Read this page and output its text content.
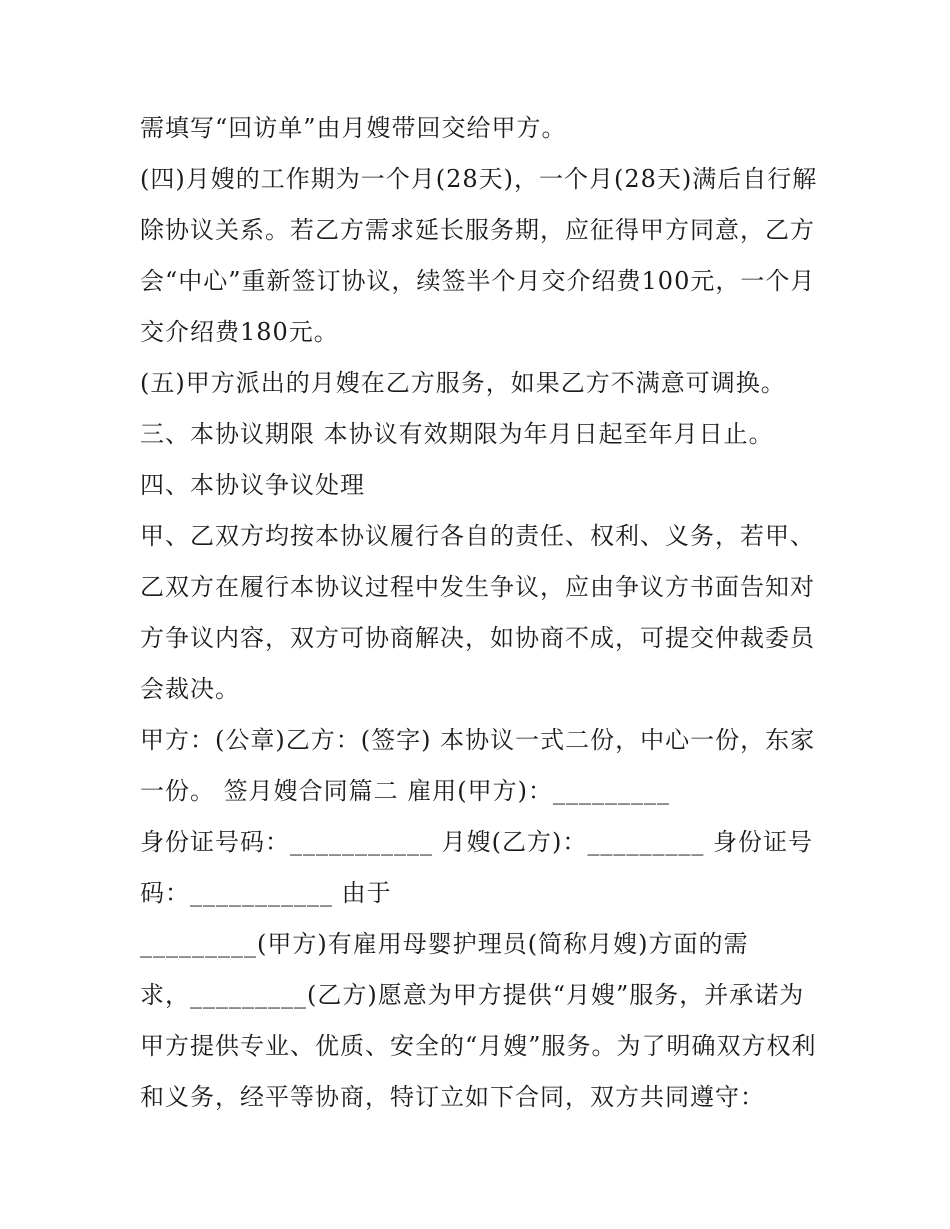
需填写“回访单”由月嫂带回交给甲方。
(四)月嫂的工作期为一个月(28天)，一个月(28天)满后自行解
除协议关系。若乙方需求延长服务期，应征得甲方同意，乙方
会“中心”重新签订协议，续签半个月交介绍费100元，一个月
交介绍费180元。
(五)甲方派出的月嫂在乙方服务，如果乙方不满意可调换。
三、本协议期限 本协议有效期限为年月日起至年月日止。
四、本协议争议处理
甲、乙双方均按本协议履行各自的责任、权利、义务，若甲、
乙双方在履行本协议过程中发生争议，应由争议方书面告知对
方争议内容，双方可协商解决，如协商不成，可提交仲裁委员
会裁决。
甲方：(公章)乙方：(签字) 本协议一式二份，中心一份，东家
一份。 签月嫂合同篇二 雇用(甲方)：_________
身份证号码：___________ 月嫂(乙方)：_________ 身份证号
码：___________ 由于
_________(甲方)有雇用母婴护理员(简称月嫂)方面的需
求，_________(乙方)愿意为甲方提供“月嫂”服务，并承诺为
甲方提供专业、优质、安全的“月嫂”服务。为了明确双方权利
和义务，经平等协商，特订立如下合同，双方共同遵守：
